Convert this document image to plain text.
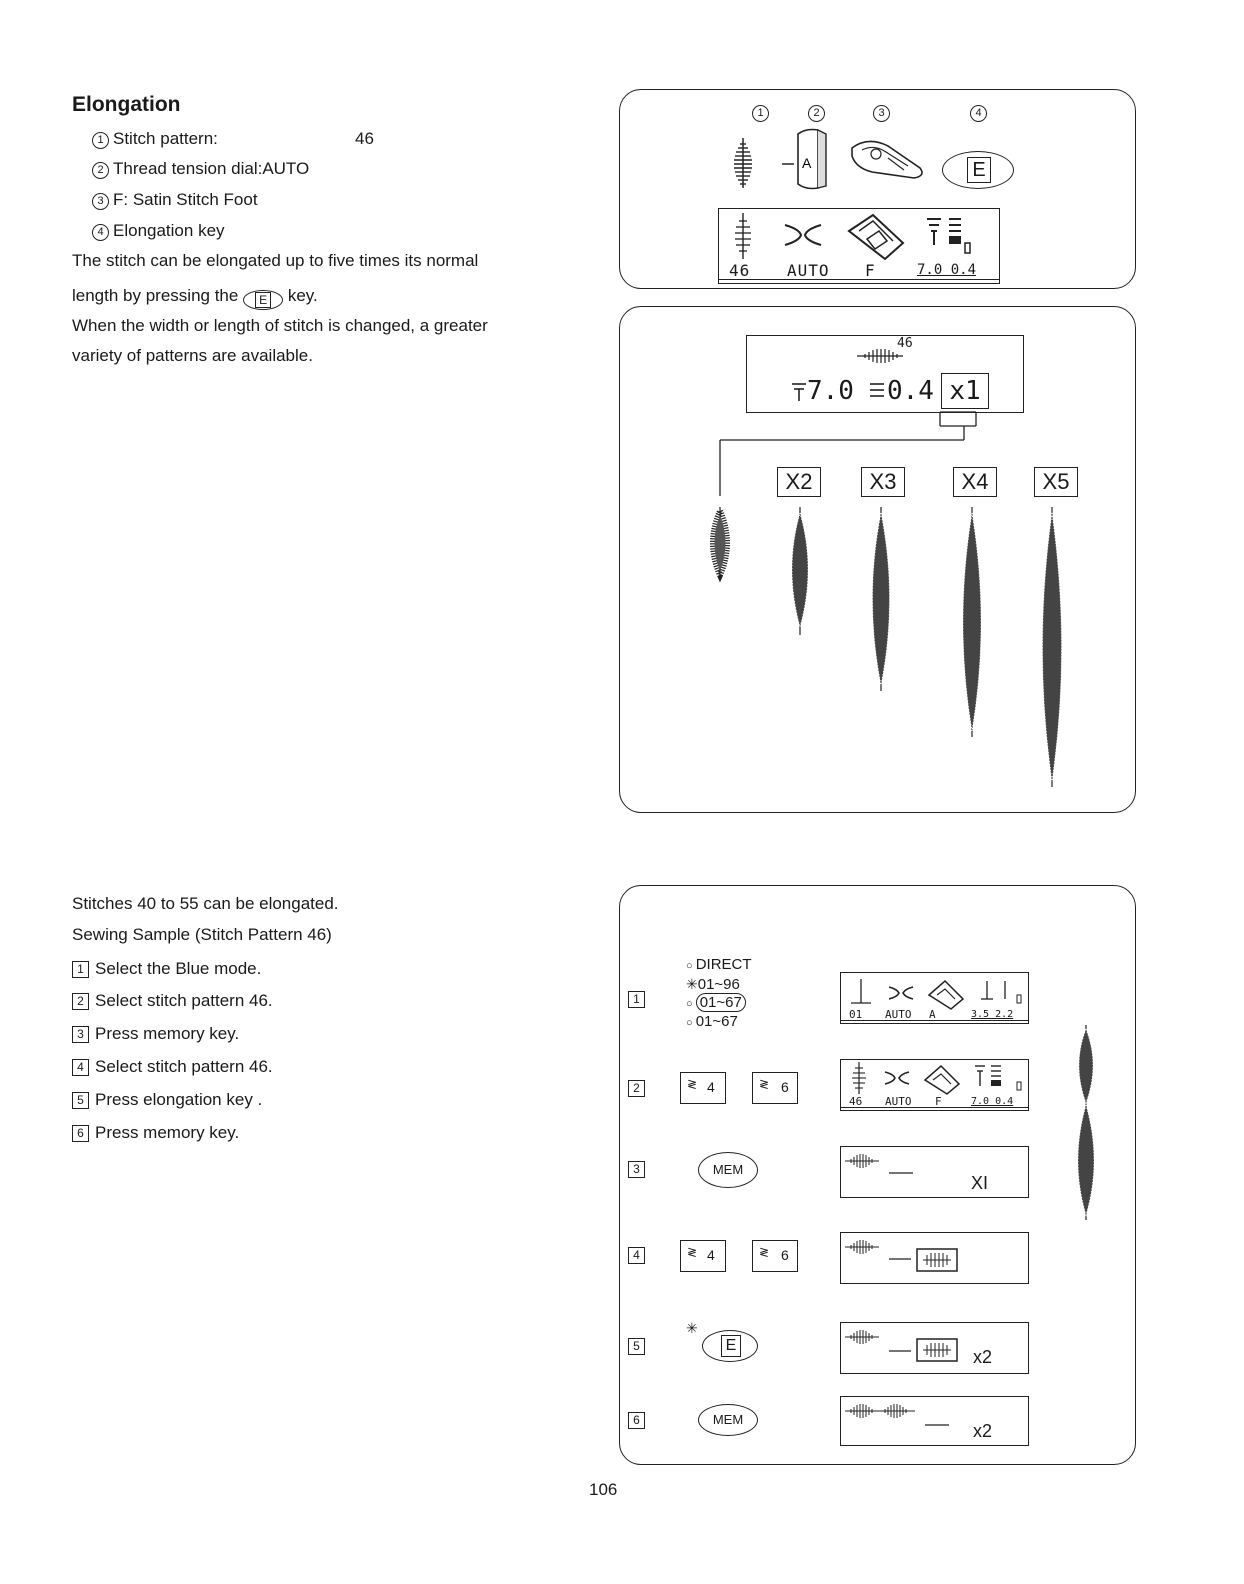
Elongation
1 Stitch pattern:	46
2 Thread tension dial:AUTO
3 F: Satin Stitch Foot
4 Elongation key
The stitch can be elongated up to five times its normal
length by pressing the E key.
When the width or length of stitch is changed, a greater
variety of patterns are available.
1	2	3	4
A	E
46 AUTO F	7.0 0.4
46
7.0 0.4 x1
X2	X3	X4	X5
Stitches 40 to 55 can be elongated.
Sewing Sample (Stitch Pattern 46)
1 Select the Blue mode.
2 Select stitch pattern 46.
3 Press memory key.
4 Select stitch pattern 46.
5 Press elongation key .
6 Press memory key.
1
2
3
4
5
6
○ DIRECT
✳01~96
○ 01~67
○ 01~67	01 AUTO A	3.5 2.2
≷ 4	≷ 6
46 AUTO F	7.0 0.4
MEM
XI
≷ 4	≷ 6
✳
E
x2
MEM
x2
106
